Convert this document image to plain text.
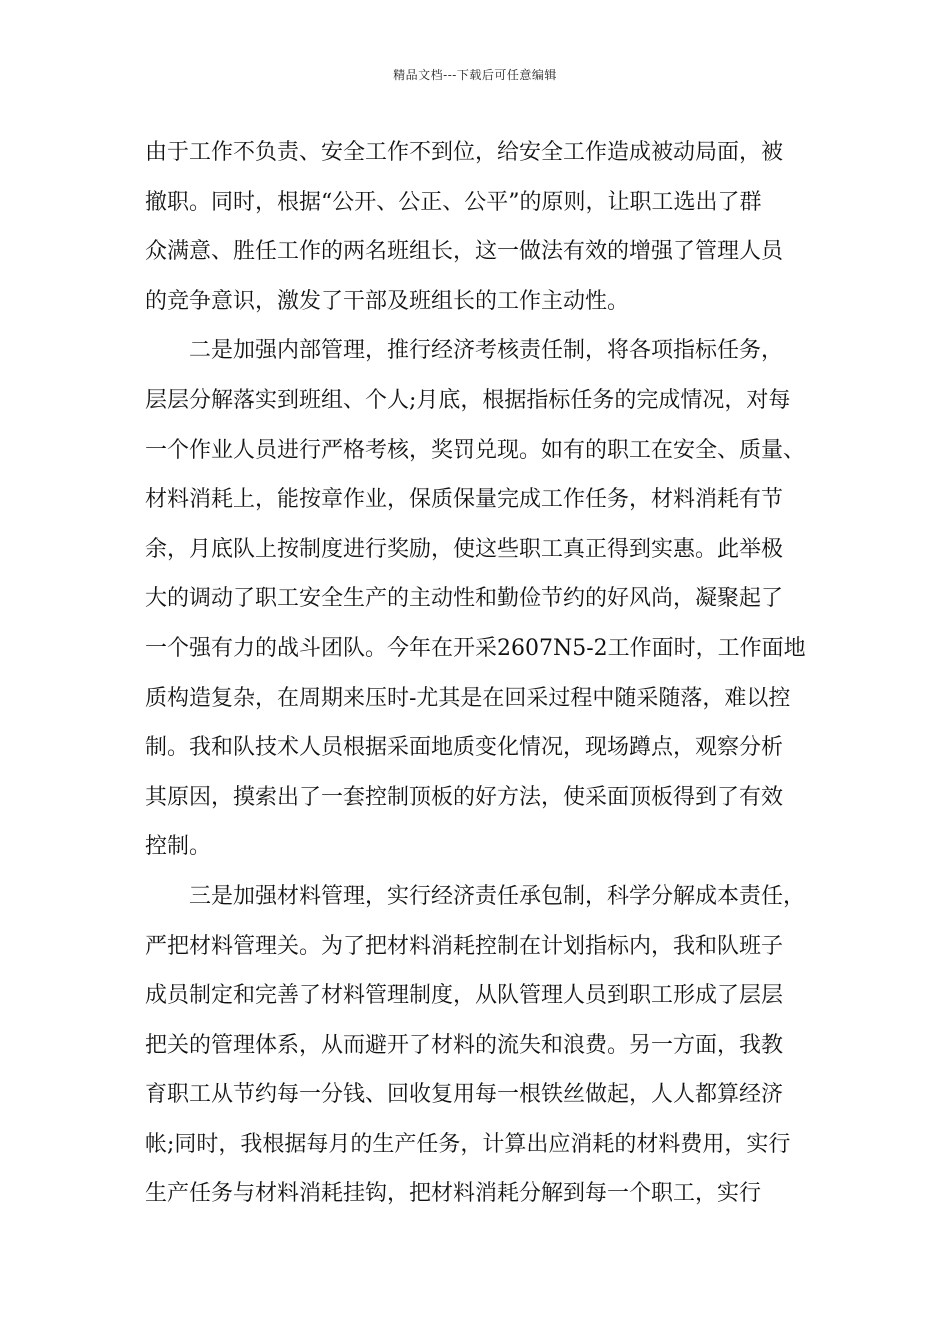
精品文档---下载后可任意编辑
由于工作不负责、安全工作不到位，给安全工作造成被动局面，被
撤职。同时，根据“公开、公正、公平”的原则，让职工选出了群
众满意、胜任工作的两名班组长，这一做法有效的增强了管理人员
的竞争意识，激发了干部及班组长的工作主动性。
二是加强内部管理，推行经济考核责任制，将各项指标任务，
层层分解落实到班组、个人;月底，根据指标任务的完成情况，对每
一个作业人员进行严格考核，奖罚兑现。如有的职工在安全、质量、
材料消耗上，能按章作业，保质保量完成工作任务，材料消耗有节
余，月底队上按制度进行奖励，使这些职工真正得到实惠。此举极
大的调动了职工安全生产的主动性和勤俭节约的好风尚，凝聚起了
一个强有力的战斗团队。今年在开采2607N5-2工作面时，工作面地
质构造复杂，在周期来压时-尤其是在回采过程中随采随落，难以控
制。我和队技术人员根据采面地质变化情况，现场蹲点，观察分析
其原因，摸索出了一套控制顶板的好方法，使采面顶板得到了有效
控制。
三是加强材料管理，实行经济责任承包制，科学分解成本责任，
严把材料管理关。为了把材料消耗控制在计划指标内，我和队班子
成员制定和完善了材料管理制度，从队管理人员到职工形成了层层
把关的管理体系，从而避开了材料的流失和浪费。另一方面，我教
育职工从节约每一分钱、回收复用每一根铁丝做起，人人都算经济
帐;同时，我根据每月的生产任务，计算出应消耗的材料费用，实行
生产任务与材料消耗挂钩，把材料消耗分解到每一个职工，实行
